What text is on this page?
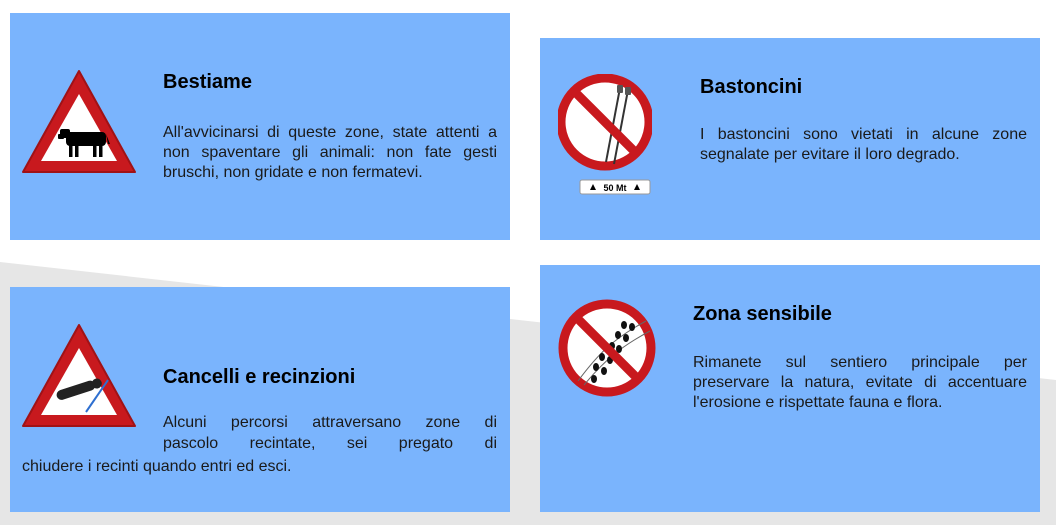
Bestiame

All'avvicinarsi di queste zone, state attenti a non spaventare gli animali: non fate gesti bruschi, non gridate e non fermatevi.

50 Mt
Bastoncini

I bastoncini sono vietati in alcune zone segnalate per evitare il loro degrado.

Cancelli e recinzioni

Alcuni percorsi attraversano zone di

pascolo recintate, sei pregato di

chiudere i recinti quando entri ed esci.

Zona sensibile

Rimanete sul sentiero principale per preservare la natura, evitate di accentuare l'erosione e rispettate fauna e flora.
